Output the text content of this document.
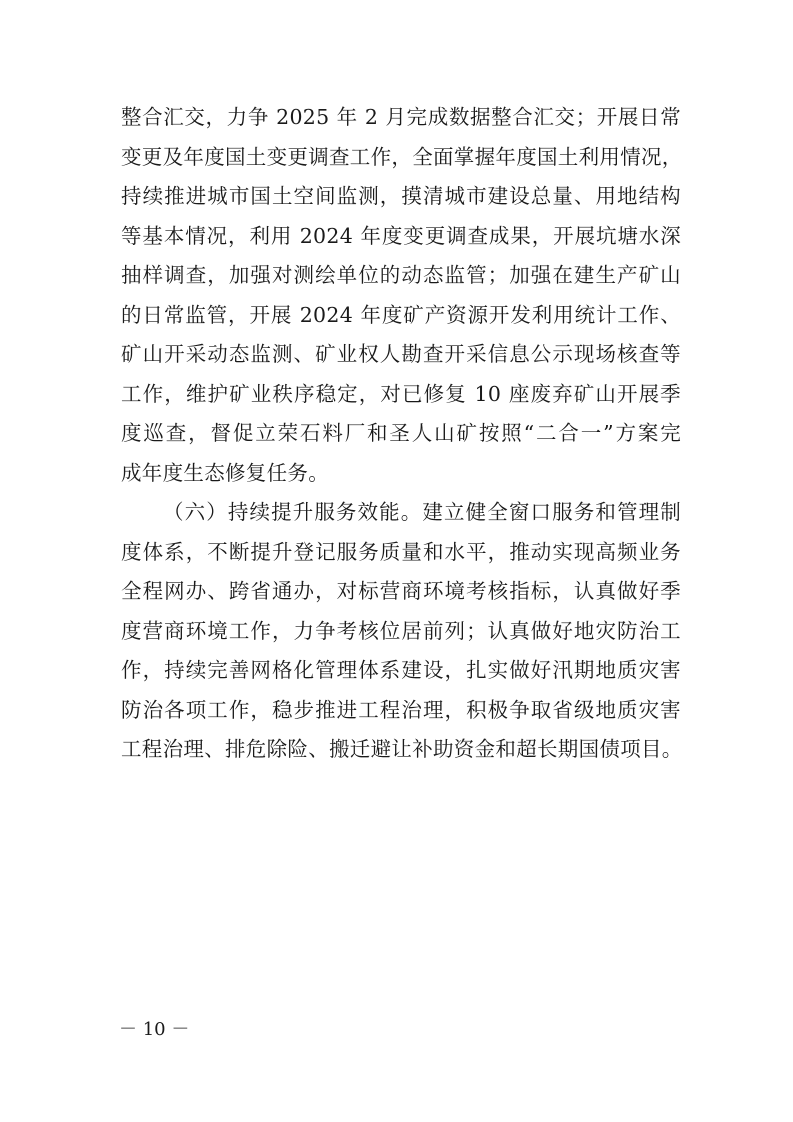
整合汇交，力争 2025 年 2 月完成数据整合汇交；开展日常
变更及年度国土变更调查工作，全面掌握年度国土利用情况，
持续推进城市国土空间监测，摸清城市建设总量、用地结构
等基本情况，利用 2024 年度变更调查成果，开展坑塘水深
抽样调查，加强对测绘单位的动态监管；加强在建生产矿山
的日常监管，开展 2024 年度矿产资源开发利用统计工作、
矿山开采动态监测、矿业权人勘查开采信息公示现场核查等
工作，维护矿业秩序稳定，对已修复 10 座废弃矿山开展季
度巡查，督促立荣石料厂和圣人山矿按照“二合一”方案完
成年度生态修复任务。
（六）持续提升服务效能。建立健全窗口服务和管理制
度体系，不断提升登记服务质量和水平，推动实现高频业务
全程网办、跨省通办，对标营商环境考核指标，认真做好季
度营商环境工作，力争考核位居前列；认真做好地灾防治工
作，持续完善网格化管理体系建设，扎实做好汛期地质灾害
防治各项工作，稳步推进工程治理，积极争取省级地质灾害
工程治理、排危除险、搬迁避让补助资金和超长期国债项目。
－ 10 －
